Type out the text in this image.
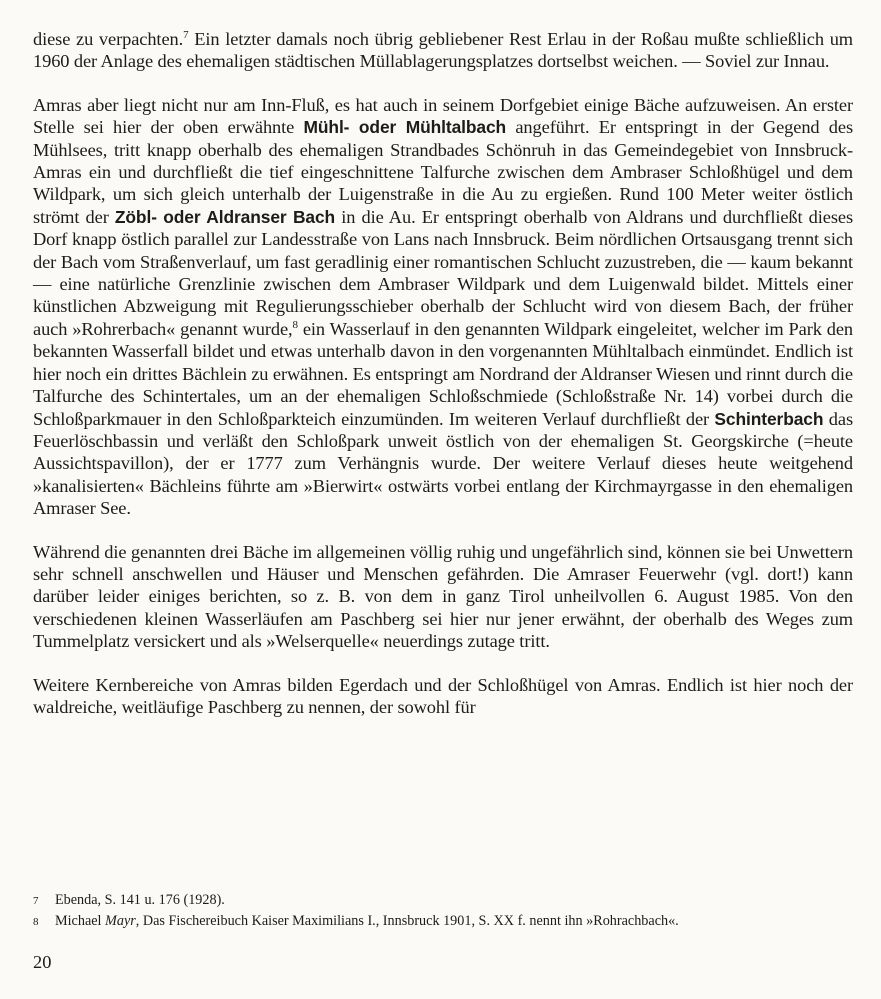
diese zu verpachten.$^7$ Ein letzter damals noch übrig gebliebener Rest Erlau in der Roßau mußte schließlich um 1960 der Anlage des ehemaligen städtischen Müllablagerungsplatzes dortselbst weichen. — Soviel zur Innau.

Amras aber liegt nicht nur am Inn-Fluß, es hat auch in seinem Dorfgebiet einige Bäche aufzuweisen. An erster Stelle sei hier der oben erwähnte Mühl- oder Mühltalbach angeführt. Er entspringt in der Gegend des Mühlsees, tritt knapp oberhalb des ehemaligen Strandbades Schönruh in das Gemeindegebiet von Innsbruck-Amras ein und durchfließt die tief eingeschnittene Talfurche zwischen dem Ambraser Schloßhügel und dem Wildpark, um sich gleich unterhalb der Luigenstraße in die Au zu ergießen. Rund 100 Meter weiter östlich strömt der Zöbl- oder Aldranser Bach in die Au. Er entspringt oberhalb von Aldrans und durchfließt dieses Dorf knapp östlich parallel zur Landesstraße von Lans nach Innsbruck. Beim nördlichen Ortsausgang trennt sich der Bach vom Straßenverlauf, um fast geradlinig einer romantischen Schlucht zuzustreben, die — kaum bekannt — eine natürliche Grenzlinie zwischen dem Ambraser Wildpark und dem Luigenwald bildet. Mittels einer künstlichen Abzweigung mit Regulierungsschieber oberhalb der Schlucht wird von diesem Bach, der früher auch »Rohrerbach« genannt wurde,$^8$ ein Wasserlauf in den genannten Wildpark eingeleitet, welcher im Park den bekannten Wasserfall bildet und etwas unterhalb davon in den vorgenannten Mühltalbach einmündet. Endlich ist hier noch ein drittes Bächlein zu erwähnen. Es entspringt am Nordrand der Aldranser Wiesen und rinnt durch die Talfurche des Schintertales, um an der ehemaligen Schloßschmiede (Schloßstraße Nr. 14) vorbei durch die Schloßparkmauer in den Schloßparkteich einzumünden. Im weiteren Verlauf durchfließt der Schinterbach das Feuerlöschbassin und verläßt den Schloßpark unweit östlich von der ehemaligen St. Georgskirche (=heute Aussichtspavillon), der er 1777 zum Verhängnis wurde. Der weitere Verlauf dieses heute weitgehend »kanalisierten« Bächleins führte am »Bierwirt« ostwärts vorbei entlang der Kirchmayrgasse in den ehemaligen Amraser See.

Während die genannten drei Bäche im allgemeinen völlig ruhig und ungefährlich sind, können sie bei Unwettern sehr schnell anschwellen und Häuser und Menschen gefährden. Die Amraser Feuerwehr (vgl. dort!) kann darüber leider einiges berichten, so z. B. von dem in ganz Tirol unheilvollen 6. August 1985. Von den verschiedenen kleinen Wasserläufen am Paschberg sei hier nur jener erwähnt, der oberhalb des Weges zum Tummelplatz versickert und als »Welserquelle« neuerdings zutage tritt.

Weitere Kernbereiche von Amras bilden Egerdach und der Schloßhügel von Amras. Endlich ist hier noch der waldreiche, weitläufige Paschberg zu nennen, der sowohl für

7	Ebenda, S. 141 u. 176 (1928).
8	Michael Mayr, Das Fischereibuch Kaiser Maximilians I., Innsbruck 1901, S. XX f. nennt ihn »Rohrachbach«.
20
